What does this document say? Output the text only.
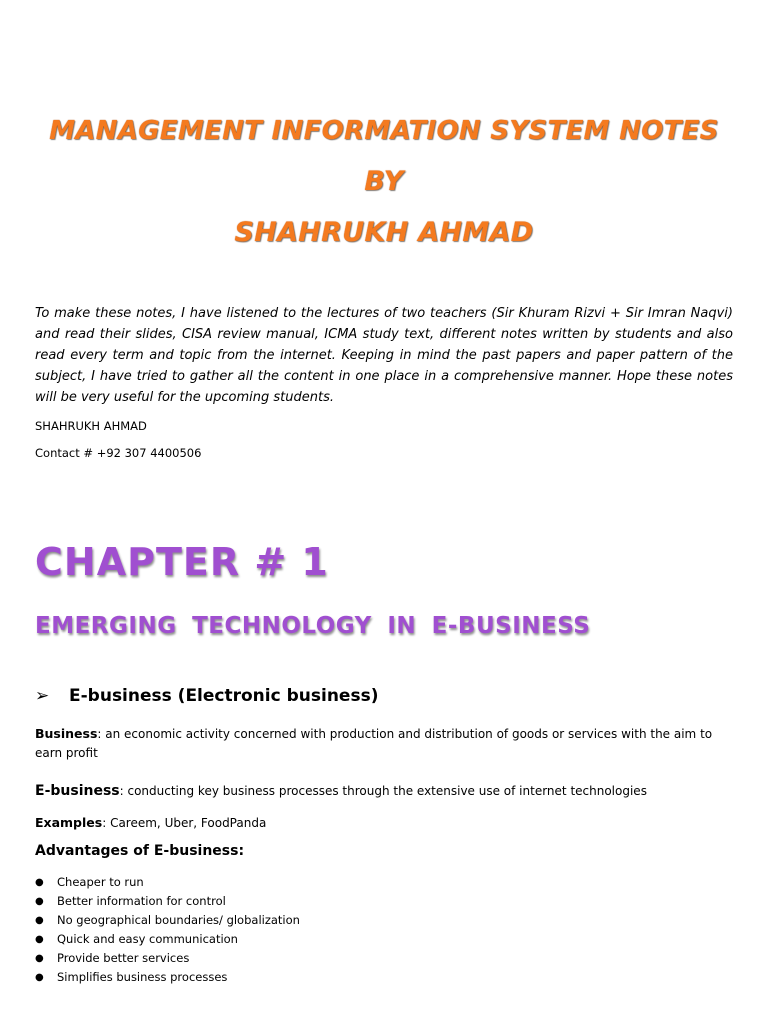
MANAGEMENT INFORMATION SYSTEM NOTES
BY
SHAHRUKH AHMAD

To make these notes, I have listened to the lectures of two teachers (Sir Khuram Rizvi + Sir Imran Naqvi) and read their slides, CISA review manual, ICMA study text, different notes written by students and also read every term and topic from the internet. Keeping in mind the past papers and paper pattern of the subject, I have tried to gather all the content in one place in a comprehensive manner. Hope these notes will be very useful for the upcoming students.

SHAHRUKH AHMAD
Contact # +92 307 4400506
CHAPTER # 1
EMERGING TECHNOLOGY IN E-BUSINESS
➢ E-business (Electronic business)
Business: an economic activity concerned with production and distribution of goods or services with the aim to earn profit
E-business: conducting key business processes through the extensive use of internet technologies
Examples: Careem, Uber, FoodPanda
Advantages of E-business:
● Cheaper to run
● Better information for control
● No geographical boundaries/ globalization
● Quick and easy communication
● Provide better services
● Simplifies business processes
